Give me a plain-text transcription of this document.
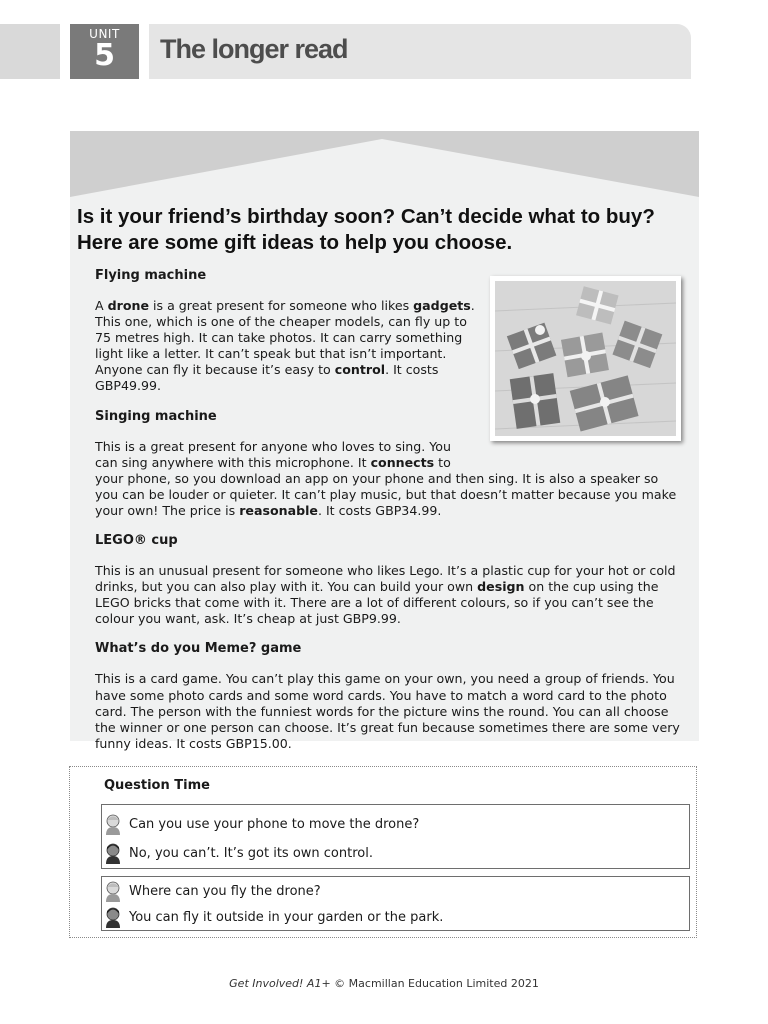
UNIT
5	The longer read

Is it your friend’s birthday soon? Can’t decide what to buy? Here are some gift ideas to help you choose.

Flying machine

A drone is a great present for someone who likes gadgets. This one, which is one of the cheaper models, can fly up to 75 metres high. It can take photos. It can carry something light like a letter. It can’t speak but that isn’t important. Anyone can fly it because it’s easy to control. It costs GBP49.99.

Singing machine

This is a great present for anyone who loves to sing. You can sing anywhere with this microphone. It connects to your phone, so you download an app on your phone and then sing. It is also a speaker so you can be louder or quieter. It can’t play music, but that doesn’t matter because you make your own! The price is reasonable. It costs GBP34.99.

LEGO® cup

This is an unusual present for someone who likes Lego. It’s a plastic cup for your hot or cold drinks, but you can also play with it. You can build your own design on the cup using the LEGO bricks that come with it. There are a lot of different colours, so if you can’t see the colour you want, ask. It’s cheap at just GBP9.99.

What’s do you Meme? game

This is a card game. You can’t play this game on your own, you need a group of friends. You have some photo cards and some word cards. You have to match a word card to the photo card. The person with the funniest words for the picture wins the round. You can all choose the winner or one person can choose. It’s great fun because sometimes there are some very funny ideas. It costs GBP15.00.

Question Time
Can you use your phone to move the drone?
No, you can’t. It’s got its own control.
Where can you fly the drone?
You can fly it outside in your garden or the park.
Get Involved! A1+ © Macmillan Education Limited 2021
